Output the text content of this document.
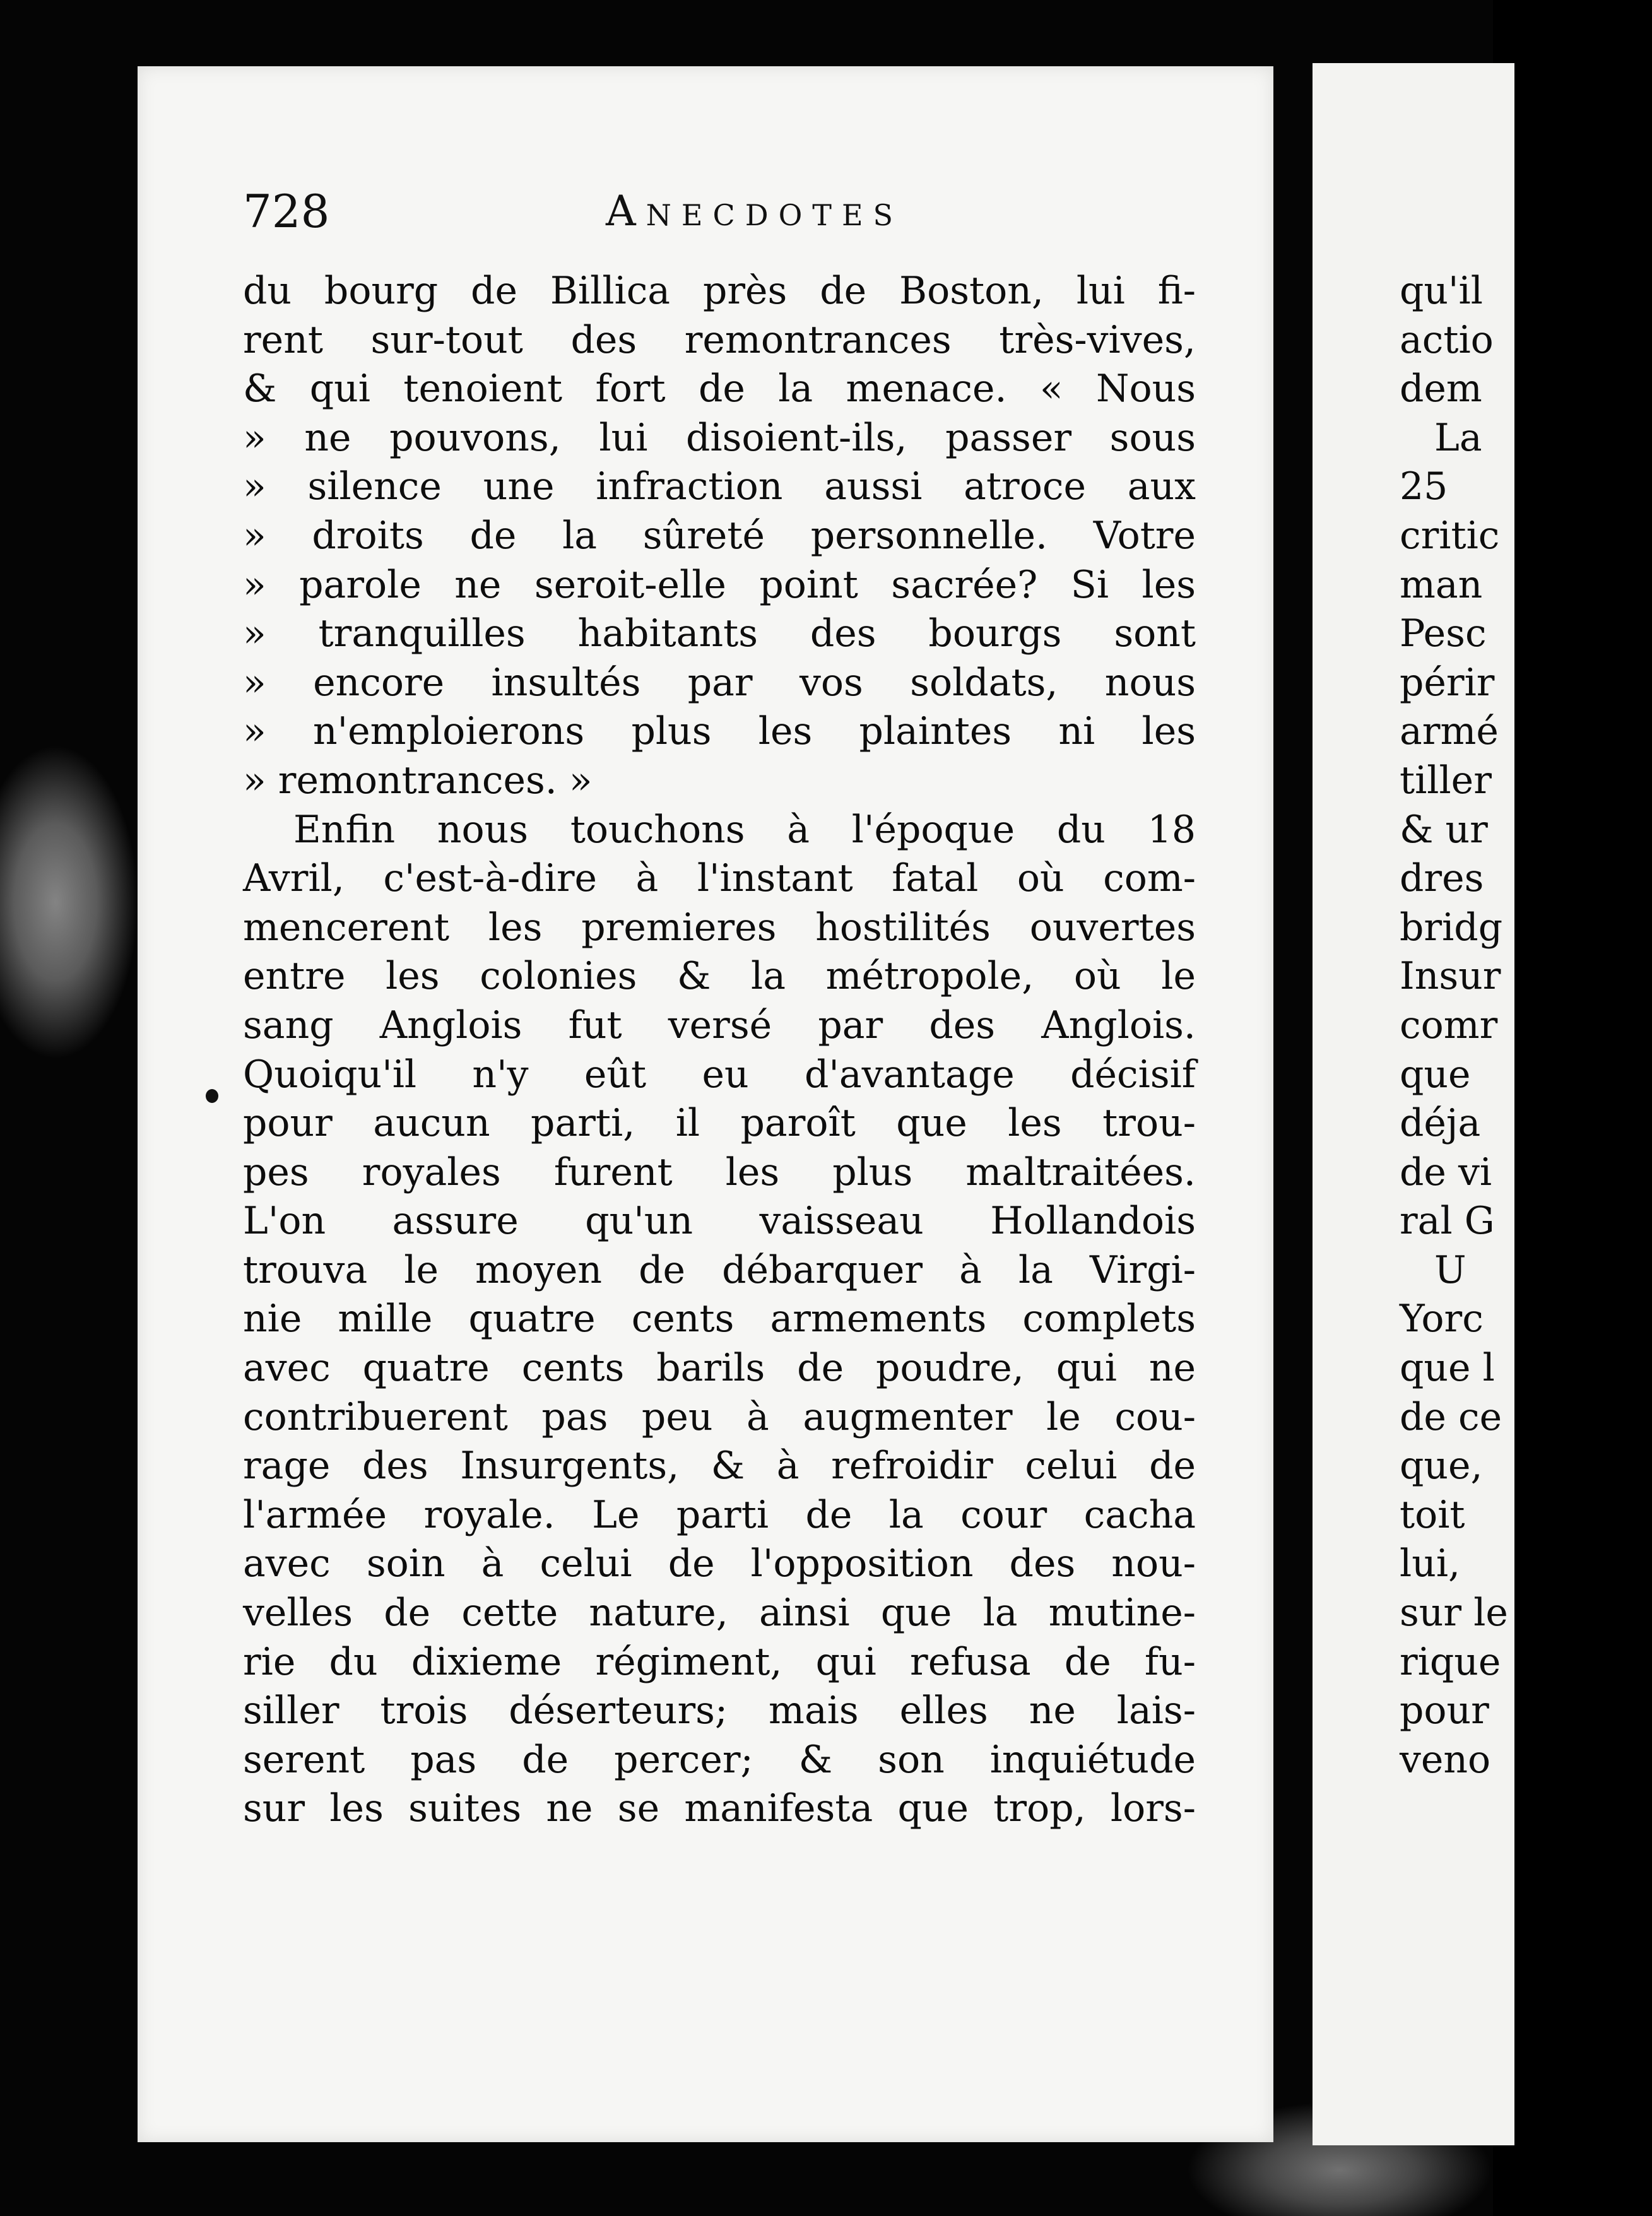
728	Anecdotes
du bourg de Billica près de Boston, lui fi-
rent sur-tout des remontrances très-vives,
& qui tenoient fort de la menace. « Nous
» ne pouvons, lui disoient-ils, passer sous
» silence une infraction aussi atroce aux
» droits de la sûreté personnelle. Votre
» parole ne seroit-elle point sacrée? Si les
» tranquilles habitants des bourgs sont
» encore insultés par vos soldats, nous
» n'emploierons plus les plaintes ni les
» remontrances. »
Enfin nous touchons à l'époque du 18
Avril, c'est-à-dire à l'instant fatal où com-
mencerent les premieres hostilités ouvertes
entre les colonies & la métropole, où le
sang Anglois fut versé par des Anglois.
Quoiqu'il n'y eût eu d'avantage décisif
pour aucun parti, il paroît que les trou-
pes royales furent les plus maltraitées.
L'on assure qu'un vaisseau Hollandois
trouva le moyen de débarquer à la Virgi-
nie mille quatre cents armements complets
avec quatre cents barils de poudre, qui ne
contribuerent pas peu à augmenter le cou-
rage des Insurgents, & à refroidir celui de
l'armée royale. Le parti de la cour cacha
avec soin à celui de l'opposition des nou-
velles de cette nature, ainsi que la mutine-
rie du dixieme régiment, qui refusa de fu-
siller trois déserteurs; mais elles ne lais-
serent pas de percer; & son inquiétude
sur les suites ne se manifesta que trop, lors-
qu'il
actio
dem
La
25
critic
man
Pesc
périr
armé
tiller
& ur
dres
bridg
Insur
comr
que
déja
de vi
ral G
U
Yorc
que l
de ce
que,
toit
lui,
sur le
rique
pour
veno
